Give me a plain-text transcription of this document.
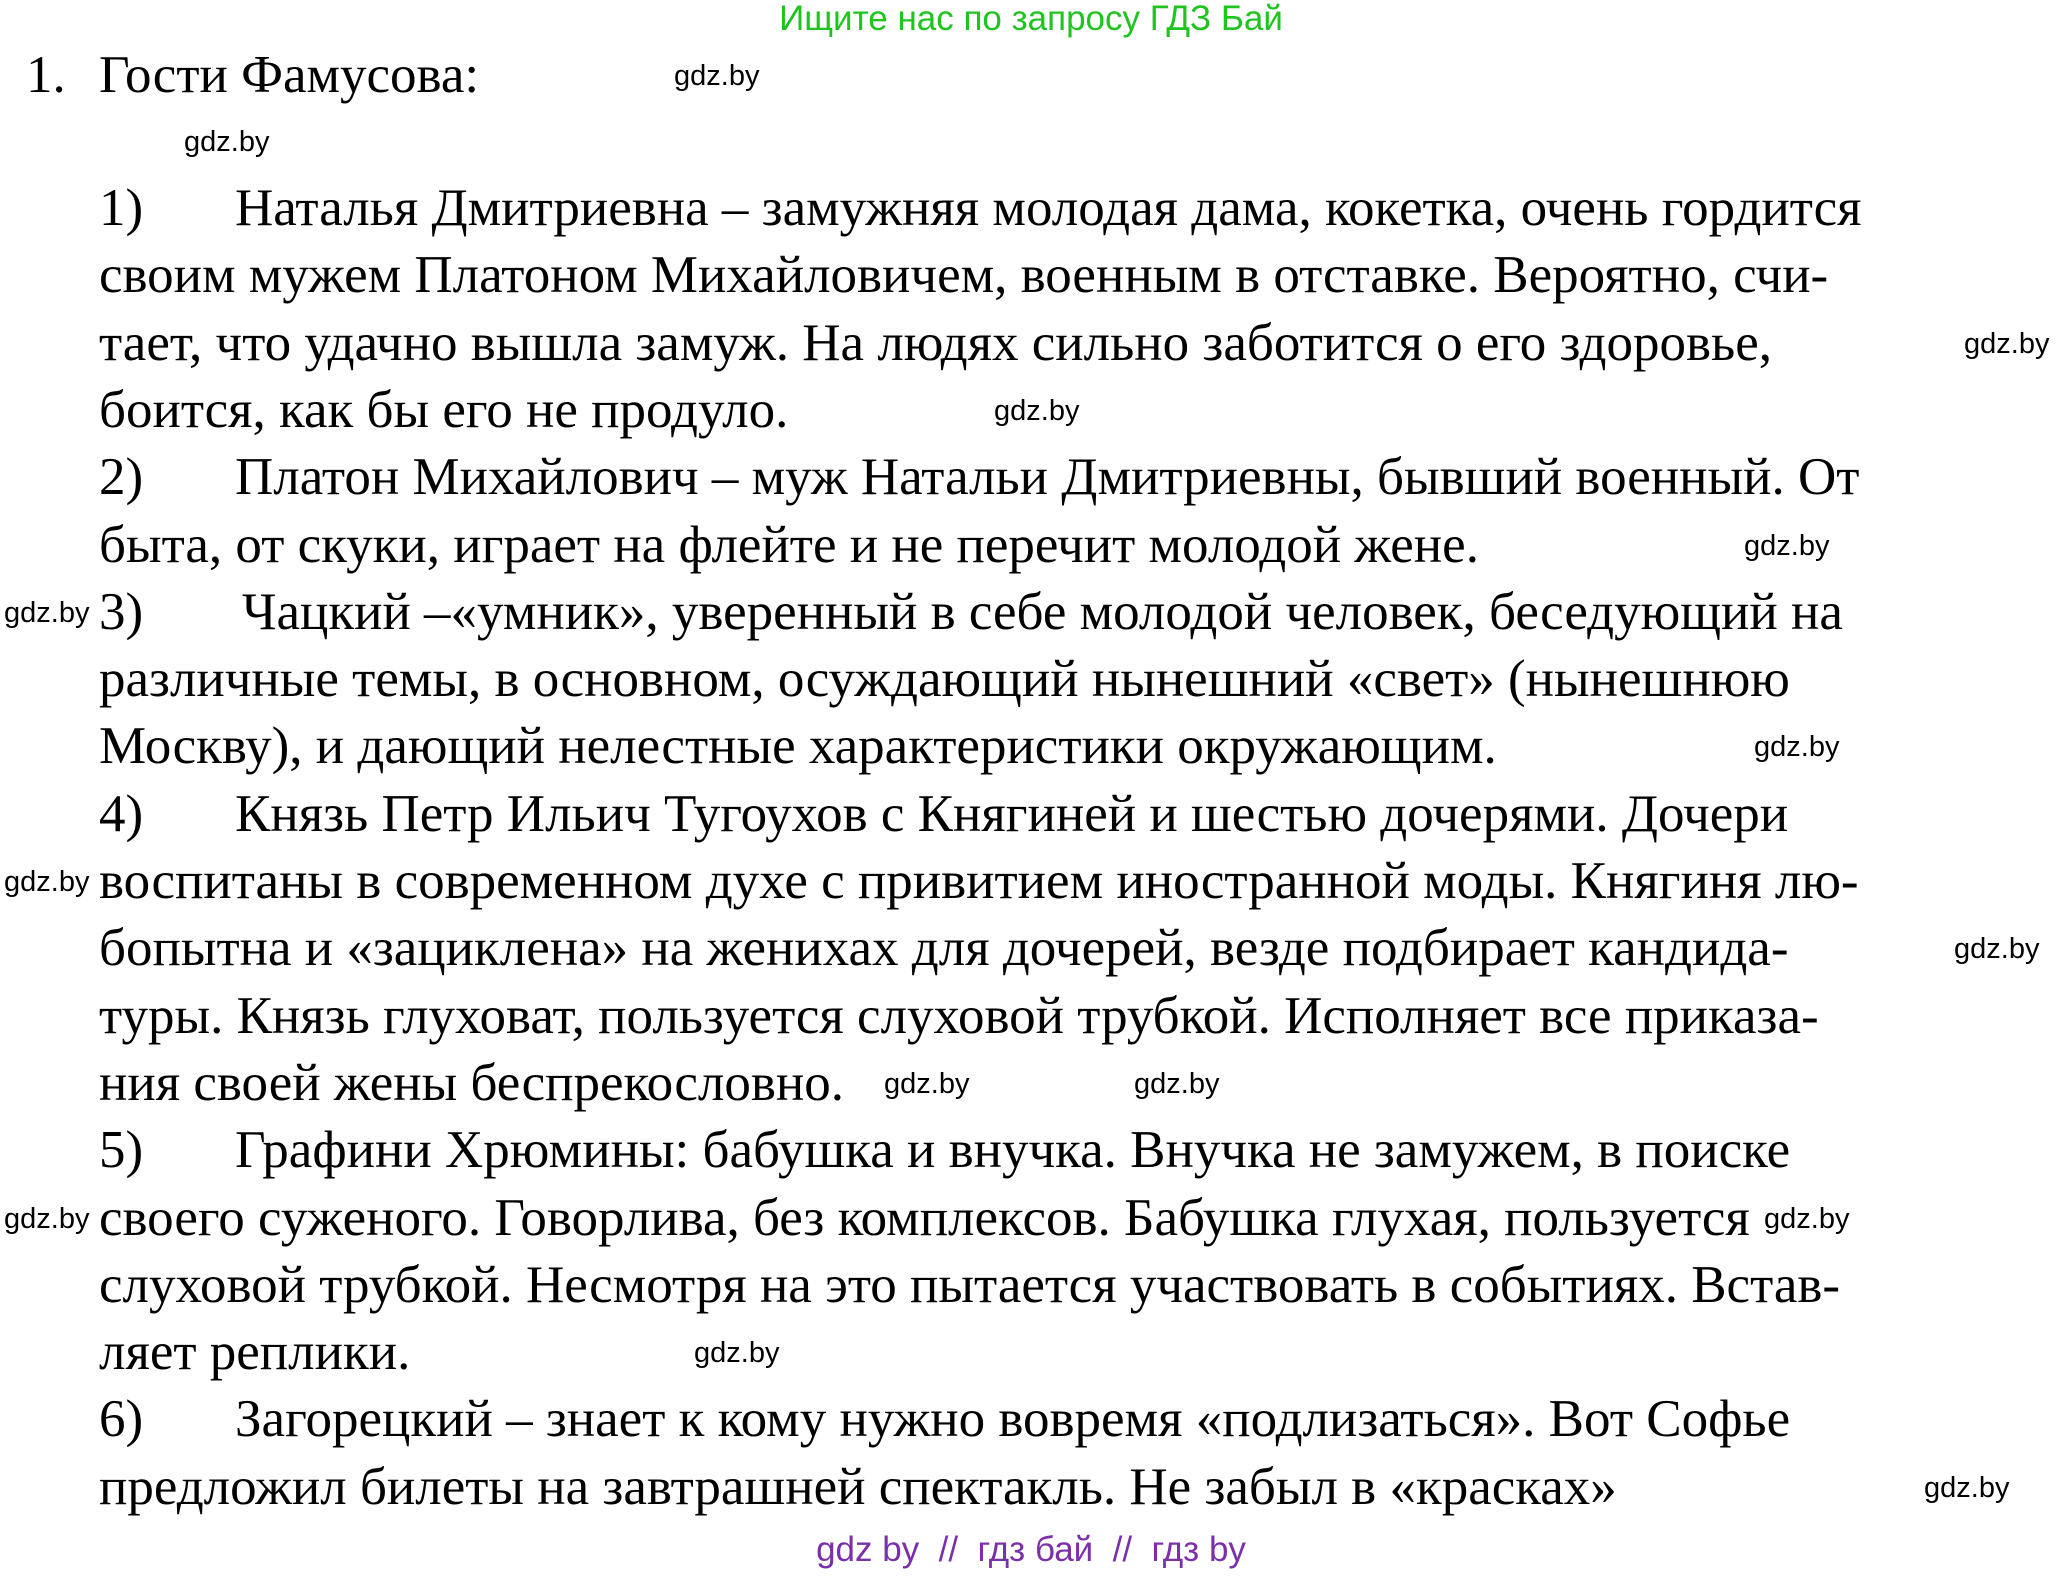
Ищите нас по запросу ГДЗ Бай
1. Гости Фамусова:
1) Наталья Дмитриевна – замужняя молодая дама, кокетка, очень гордится
своим мужем Платоном Михайловичем, военным в отставке. Вероятно, счи-
тает, что удачно вышла замуж. На людях сильно заботится о его здоровье,
боится, как бы его не продуло.
2) Платон Михайлович – муж Натальи Дмитриевны, бывший военный. От
быта, от скуки, играет на флейте и не перечит молодой жене.
3) Чацкий –«умник», уверенный в себе молодой человек, беседующий на
различные темы, в основном, осуждающий нынешний «свет» (нынешнюю
Москву), и дающий нелестные характеристики окружающим.
4) Князь Петр Ильич Тугоухов с Княгиней и шестью дочерями. Дочери
воспитаны в современном духе с привитием иностранной моды. Княгиня лю-
бопытна и «зациклена» на женихах для дочерей, везде подбирает кандида-
туры. Князь глуховат, пользуется слуховой трубкой. Исполняет все приказа-
ния своей жены беспрекословно.
5) Графини Хрюмины: бабушка и внучка. Внучка не замужем, в поиске
своего суженого. Говорлива, без комплексов. Бабушка глухая, пользуется
слуховой трубкой. Несмотря на это пытается участвовать в событиях. Встав-
ляет реплики.
6) Загорецкий – знает к кому нужно вовремя «подлизаться». Вот Софье
предложил билеты на завтрашней спектакль. Не забыл в «красках»
gdz.by
gdz.by
gdz.by
gdz.by
gdz.by
gdz.by
gdz.by
gdz.by
gdz.by
gdz.by	gdz.by
gdz.by	gdz.by
gdz.by
gdz.by
gdz by  //  гдз бай  //  гдз by
